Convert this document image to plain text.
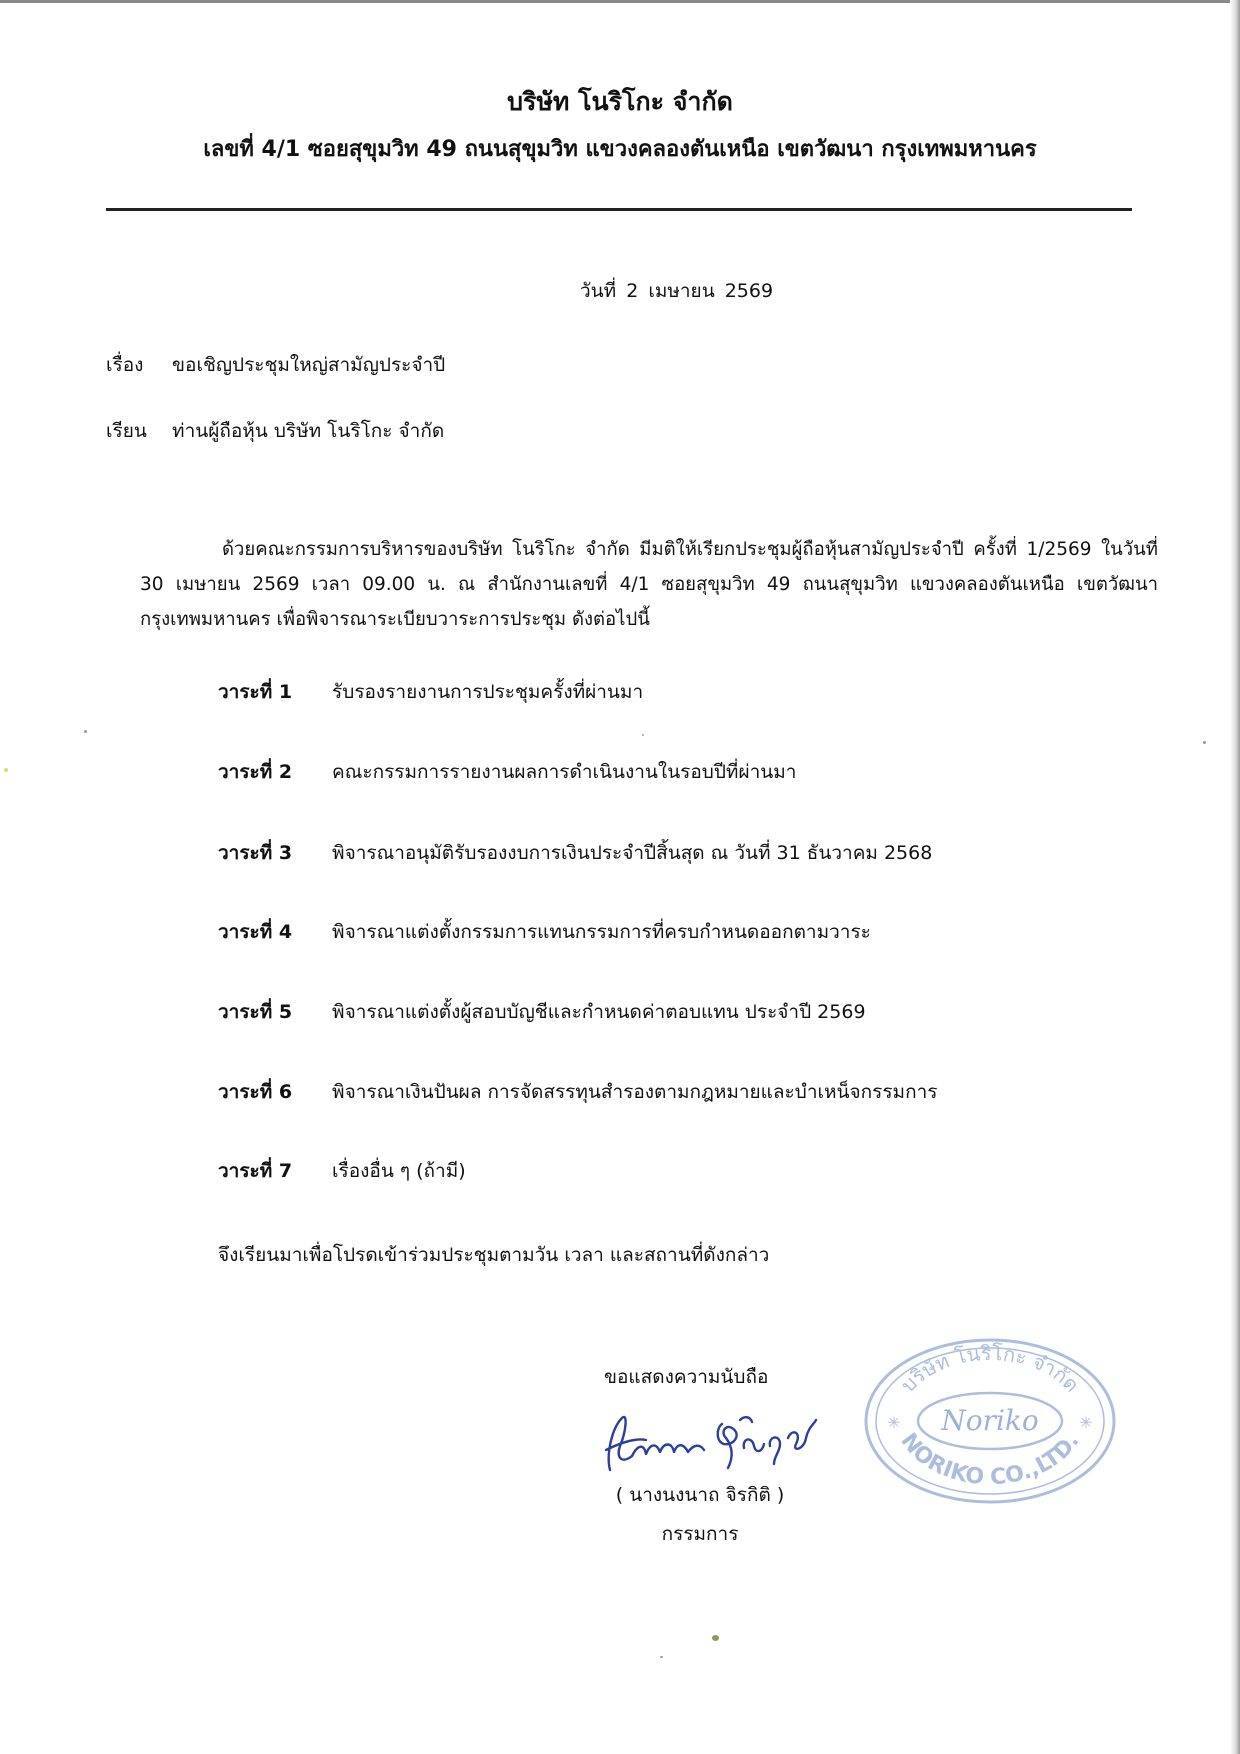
บริษัท โนริโกะ จำกัด
เลขที่ 4/1 ซอยสุขุมวิท 49 ถนนสุขุมวิท แขวงคลองตันเหนือ เขตวัฒนา กรุงเทพมหานคร
วันที่ 2 เมษายน 2569
เรื่อง ขอเชิญประชุมใหญ่สามัญประจำปี
เรียน ท่านผู้ถือหุ้น บริษัท โนริโกะ จำกัด
ด้วยคณะกรรมการบริหารของบริษัท โนริโกะ จำกัด มีมติให้เรียกประชุมผู้ถือหุ้นสามัญประจำปี ครั้งที่ 1/2569 ในวันที่ 30 เมษายน 2569 เวลา 09.00 น. ณ สำนักงานเลขที่ 4/1 ซอยสุขุมวิท 49 ถนนสุขุมวิท แขวงคลองตันเหนือ เขตวัฒนา กรุงเทพมหานคร เพื่อพิจารณาระเบียบวาระการประชุม ดังต่อไปนี้
วาระที่ 1 รับรองรายงานการประชุมครั้งที่ผ่านมา
วาระที่ 2 คณะกรรมการรายงานผลการดำเนินงานในรอบปีที่ผ่านมา
วาระที่ 3 พิจารณาอนุมัติรับรองงบการเงินประจำปีสิ้นสุด ณ วันที่ 31 ธันวาคม 2568
วาระที่ 4 พิจารณาแต่งตั้งกรรมการแทนกรรมการที่ครบกำหนดออกตามวาระ
วาระที่ 5 พิจารณาแต่งตั้งผู้สอบบัญชีและกำหนดค่าตอบแทน ประจำปี 2569
วาระที่ 6 พิจารณาเงินปันผล การจัดสรรทุนสำรองตามกฎหมายและบำเหน็จกรรมการ
วาระที่ 7 เรื่องอื่น ๆ (ถ้ามี)
จึงเรียนมาเพื่อโปรดเข้าร่วมประชุมตามวัน เวลา และสถานที่ดังกล่าว
ขอแสดงความนับถือ
( นางนงนาถ จิรกิติ )
กรรมการ
บริษัท โนริโกะ จำกัด
Noriko
NORIKO CO.,LTD.
✳	✳
